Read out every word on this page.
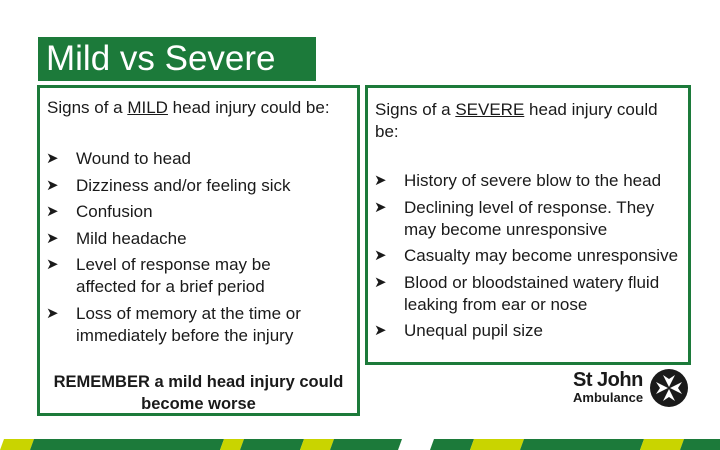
Mild vs Severe
Signs of a MILD head injury could be:
➤ Wound to head
➤ Dizziness and/or feeling sick
➤ Confusion
➤ Mild headache
➤ Level of response may be affected for a brief period
➤ Loss of memory at the time or immediately before the injury
REMEMBER a mild head injury could become worse
Signs of a SEVERE head injury could be:
➤ History of severe blow to the head
➤ Declining level of response. They may become unresponsive
➤ Casualty may become unresponsive
➤ Blood or bloodstained watery fluid leaking from ear or nose
➤ Unequal pupil size
St John
Ambulance
